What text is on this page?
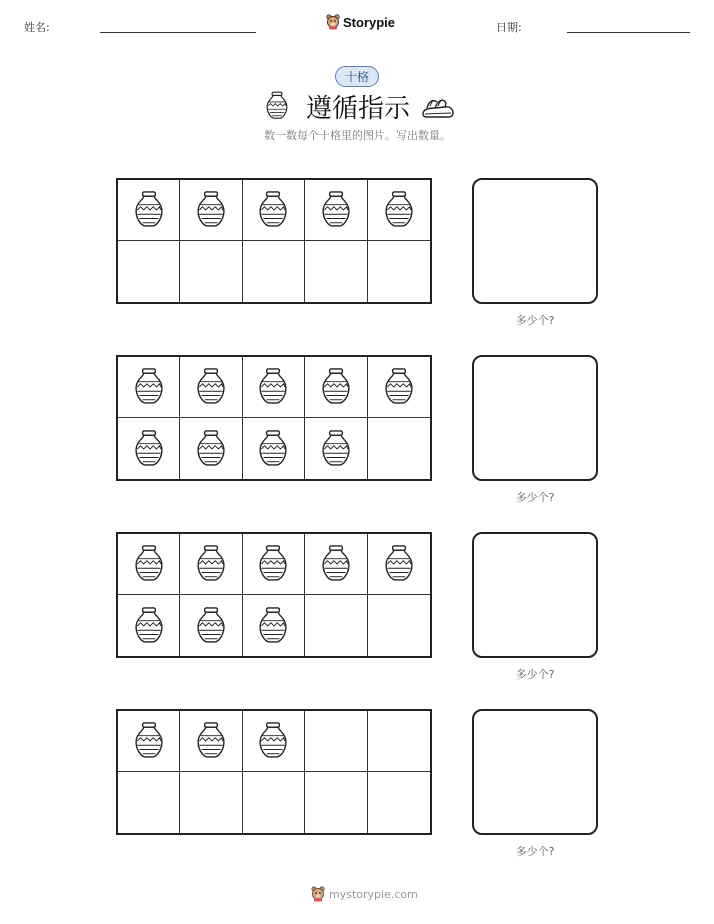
姓名:	Storypie	日期:
十格
遵循指示
数一数每个十格里的图片。写出数量。
多少个?
多少个?
多少个?
多少个?
mystorypie.com
